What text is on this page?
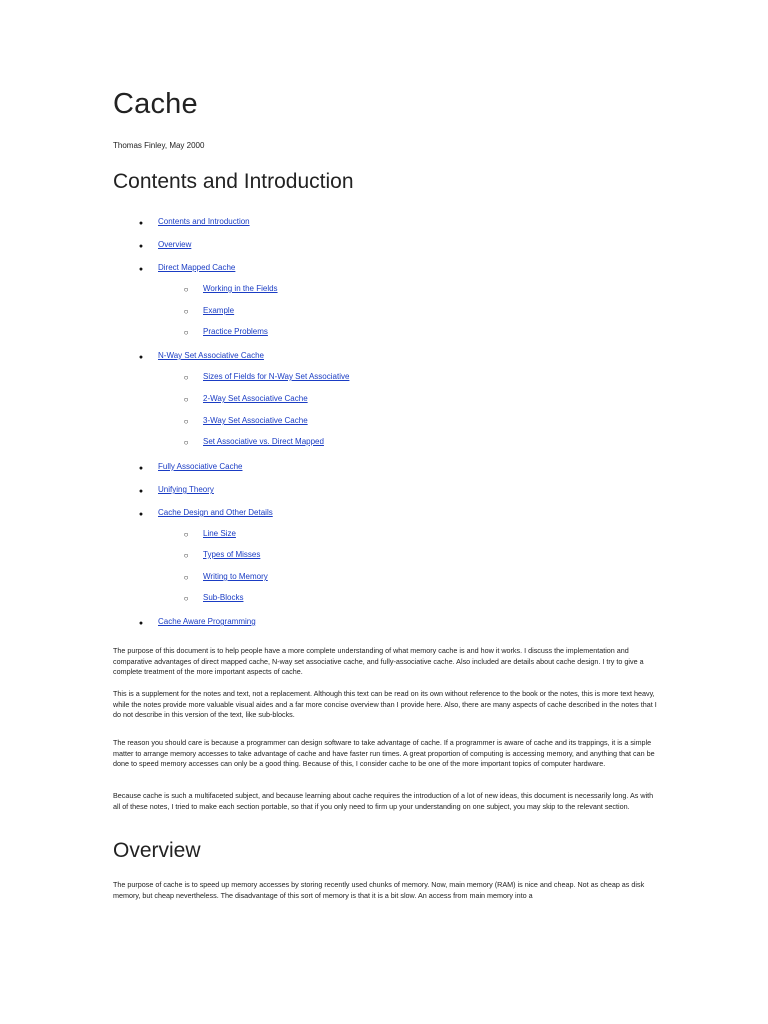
Cache

Thomas Finley, May 2000

Contents and Introduction
●
Contents and Introduction
●
Overview
●
Direct Mapped Cache
○
Working in the Fields
○
Example
○
Practice Problems
●
N-Way Set Associative Cache
○
Sizes of Fields for N-Way Set Associative
○
2-Way Set Associative Cache
○
3-Way Set Associative Cache
○
Set Associative vs. Direct Mapped
●
Fully Associative Cache
●
Unifying Theory
●
Cache Design and Other Details
○
Line Size
○
Types of Misses
○
Writing to Memory
○
Sub-Blocks
●
Cache Aware Programming

The purpose of this document is to help people have a more complete understanding of what memory cache is and how it works. I discuss the implementation and comparative advantages of direct mapped cache, N-way set associative cache, and fully-associative cache. Also included are details about cache design. I try to give a complete treatment of the more important aspects of cache.

This is a supplement for the notes and text, not a replacement. Although this text can be read on its own without reference to the book or the notes, this is more text heavy, while the notes provide more valuable visual aides and a far more concise overview than I provide here. Also, there are many aspects of cache described in the notes that I do not describe in this version of the text, like sub-blocks.

The reason you should care is because a programmer can design software to take advantage of cache. If a programmer is aware of cache and its trappings, it is a simple matter to arrange memory accesses to take advantage of cache and have faster run times. A great proportion of computing is accessing memory, and anything that can be done to speed memory accesses can only be a good thing. Because of this, I consider cache to be one of the more important topics of computer hardware.

Because cache is such a multifaceted subject, and because learning about cache requires the introduction of a lot of new ideas, this document is necessarily long. As with all of these notes, I tried to make each section portable, so that if you only need to firm up your understanding on one subject, you may skip to the relevant section.

Overview

The purpose of cache is to speed up memory accesses by storing recently used chunks of memory. Now, main memory (RAM) is nice and cheap. Not as cheap as disk memory, but cheap nevertheless. The disadvantage of this sort of memory is that it is a bit slow. An access from main memory into a
